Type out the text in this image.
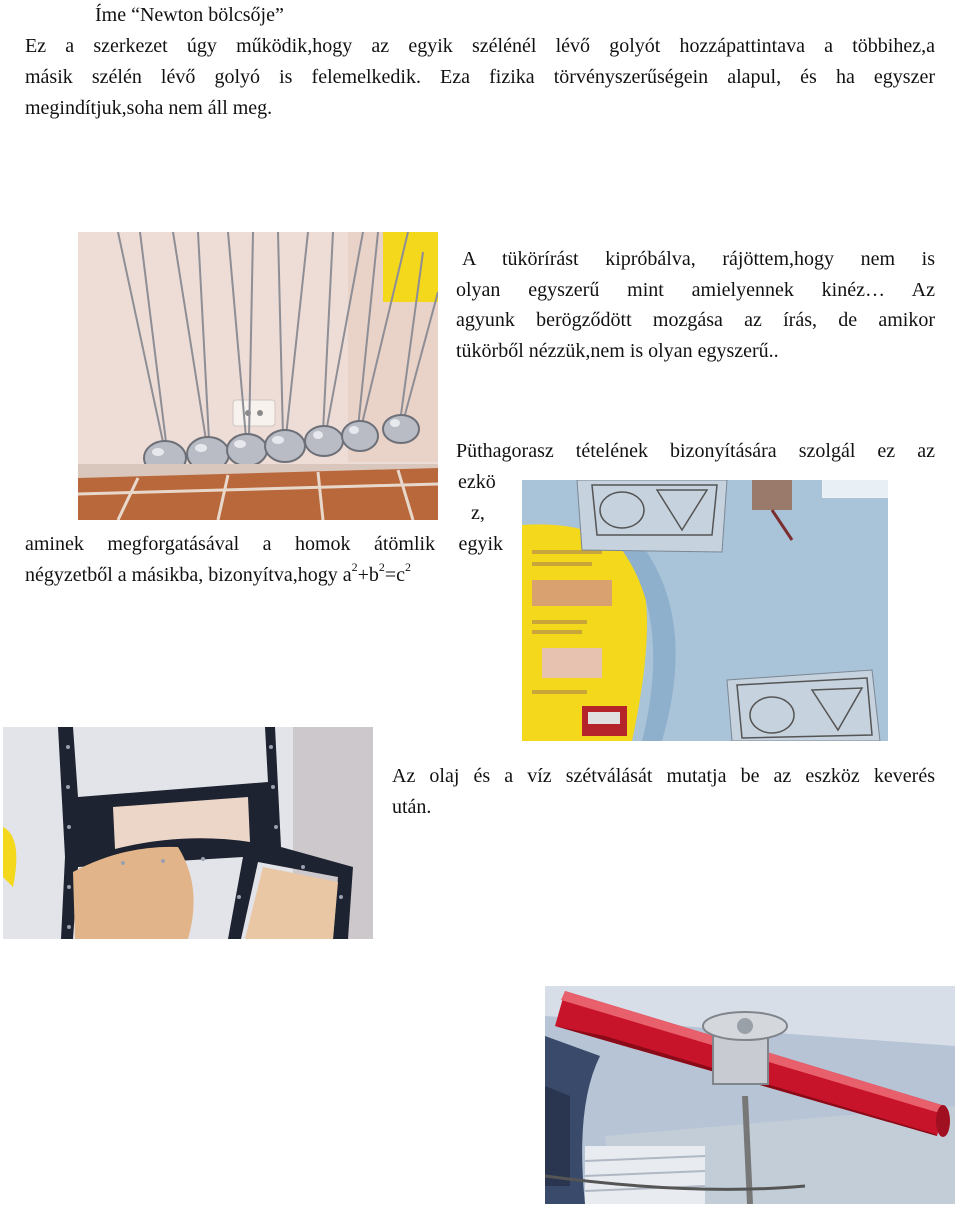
Íme “Newton bölcsője”

Ez a szerkezet úgy működik,hogy az egyik szélénél lévő golyót hozzápattintava a többihez,a

másik szélén lévő golyó is felemelkedik. Eza fizika törvényszerűségein alapul, és ha egyszer

megindítjuk,soha nem áll meg.

A tükörírást kipróbálva, rájöttem,hogy nem is

olyan egyszerű mint amielyennek kinéz… Az

agyunk berögződött mozgása az írás, de amikor

tükörből nézzük,nem is olyan egyszerű..

Püthagorasz tételének bizonyítására szolgál ez az

ezkö

z,

aminek megforgatásával a homok átömlik egyik

négyzetből a másikba, bizonyítva,hogy $a^2+b^2=c^2$

Az olaj és a víz szétválását mutatja be az eszköz keverés

után.
